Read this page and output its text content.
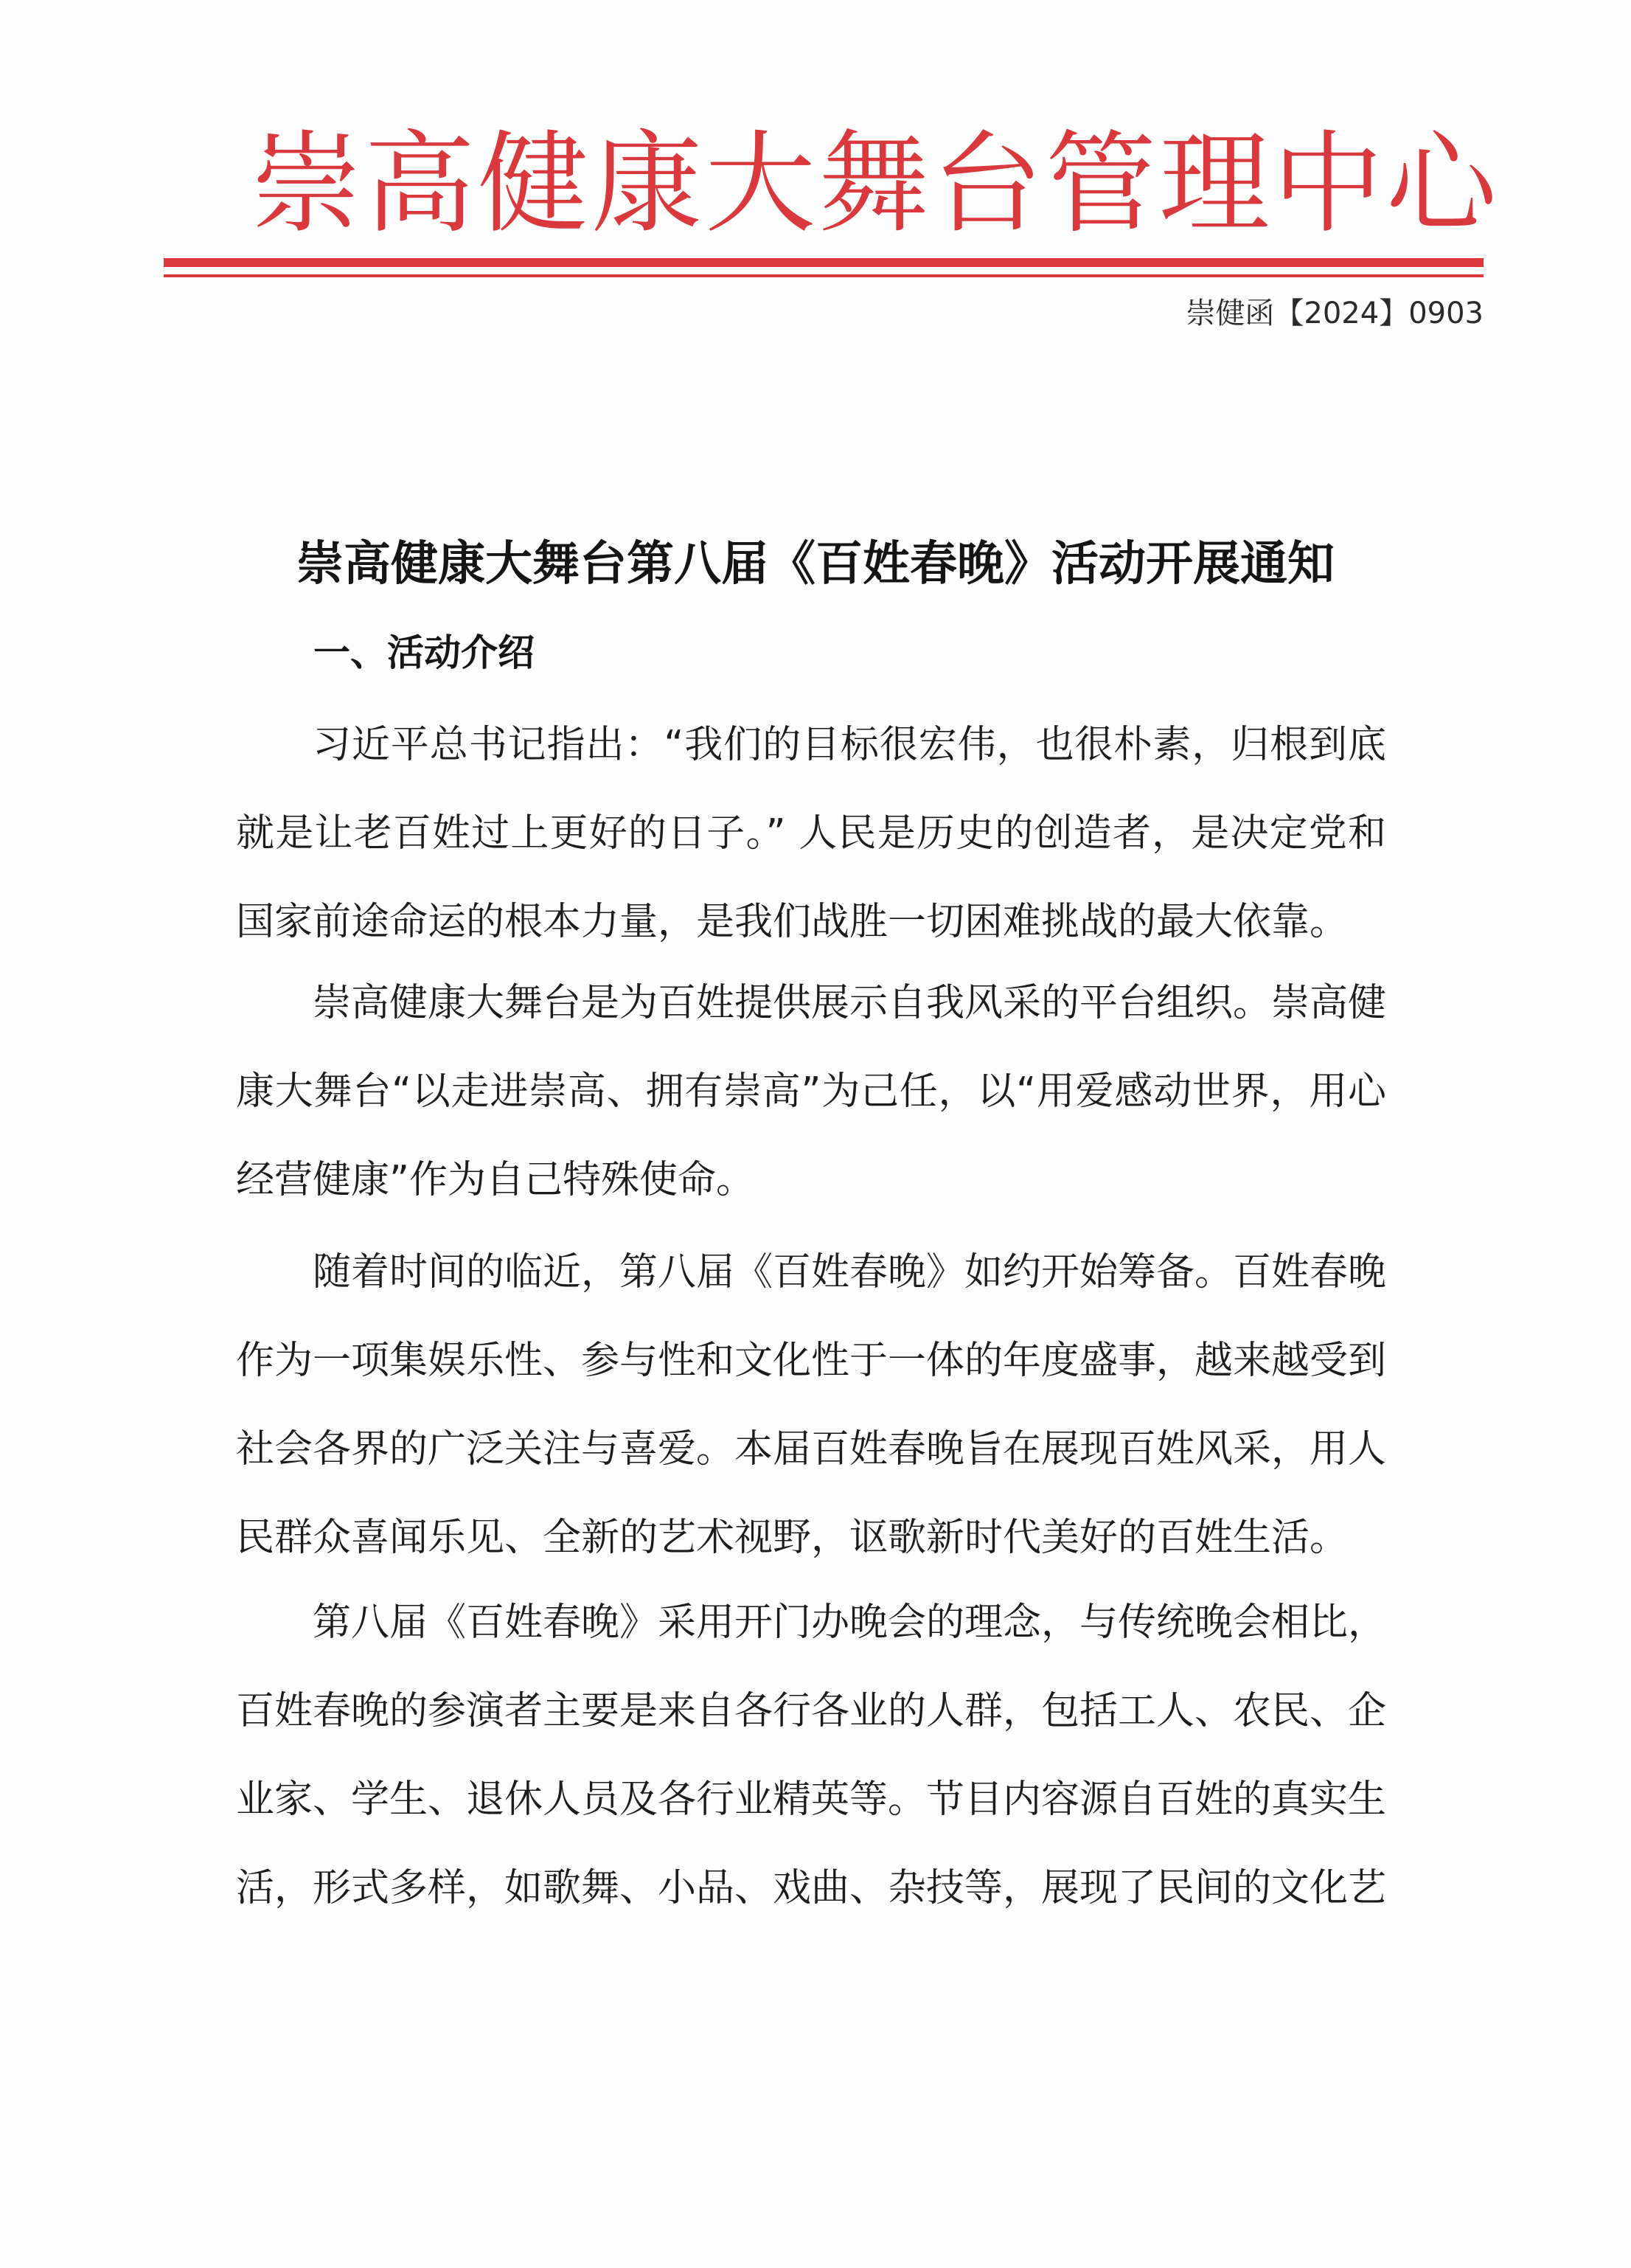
崇高健康大舞台管理中心
崇健函【2024】0903
崇高健康大舞台第八届《百姓春晚》活动开展通知
一、活动介绍

习近平总书记指出：“我们的目标很宏伟，也很朴素，归根到底就是让老百姓过上更好的日子。” 人民是历史的创造者，是决定党和国家前途命运的根本力量，是我们战胜一切困难挑战的最大依靠。

崇高健康大舞台是为百姓提供展示自我风采的平台组织。崇高健康大舞台“以走进崇高、拥有崇高”为己任，以“用爱感动世界，用心经营健康”作为自己特殊使命。

随着时间的临近，第八届《百姓春晚》如约开始筹备。百姓春晚作为一项集娱乐性、参与性和文化性于一体的年度盛事，越来越受到社会各界的广泛关注与喜爱。本届百姓春晚旨在展现百姓风采，用人民群众喜闻乐见、全新的艺术视野，讴歌新时代美好的百姓生活。

第八届《百姓春晚》采用开门办晚会的理念，与传统晚会相比，百姓春晚的参演者主要是来自各行各业的人群，包括工人、农民、企业家、学生、退休人员及各行业精英等。节目内容源自百姓的真实生活，形式多样，如歌舞、小品、戏曲、杂技等，展现了民间的文化艺
